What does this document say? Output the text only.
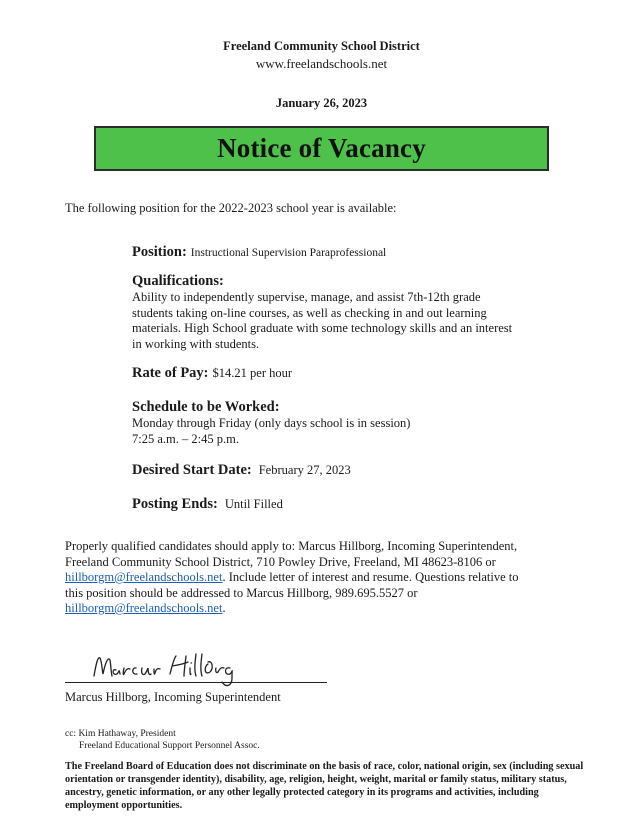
Freeland Community School District
www.freelandschools.net
January 26, 2023
Notice of Vacancy
The following position for the 2022-2023 school year is available:
Position: Instructional Supervision Paraprofessional
Qualifications:
Ability to independently supervise, manage, and assist 7th-12th grade
students taking on-line courses, as well as checking in and out learning
materials. High School graduate with some technology skills and an interest
in working with students.
Rate of Pay: $14.21 per hour
Schedule to be Worked:
Monday through Friday (only days school is in session)
7:25 a.m. – 2:45 p.m.
Desired Start Date: February 27, 2023
Posting Ends: Until Filled
Properly qualified candidates should apply to: Marcus Hillborg, Incoming Superintendent,
Freeland Community School District, 710 Powley Drive, Freeland, MI 48623-8106 or
hillborgm@freelandschools.net. Include letter of interest and resume. Questions relative to
this position should be addressed to Marcus Hillborg, 989.695.5527 or
hillborgm@freelandschools.net.
Marcus Hillborg, Incoming Superintendent
cc: Kim Hathaway, President
Freeland Educational Support Personnel Assoc.
The Freeland Board of Education does not discriminate on the basis of race, color, national origin, sex (including sexual orientation or transgender identity), disability, age, religion, height, weight, marital or family status, military status, ancestry, genetic information, or any other legally protected category in its programs and activities, including employment opportunities.
